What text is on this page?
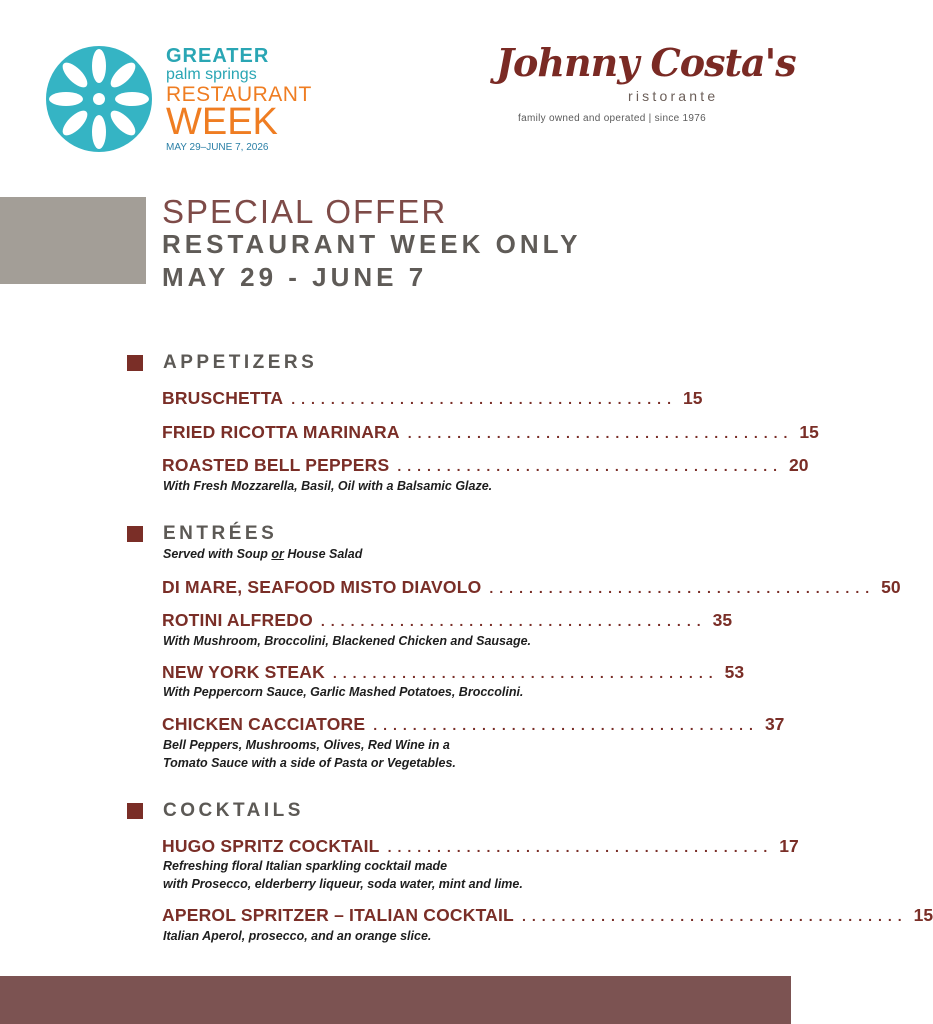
GREATER
palm springs
RESTAURANT
WEEK
MAY 29–JUNE 7, 2026
Johnny Costa's
ristorante
family owned and operated | since 1976
SPECIAL OFFER
RESTAURANT WEEK ONLY
MAY 29 - JUNE 7
APPETIZERS
BRUSCHETTA ....................................... 15
FRIED RICOTTA MARINARA ....................................... 15
ROASTED BELL PEPPERS ....................................... 20
With Fresh Mozzarella, Basil, Oil with a Balsamic Glaze.
ENTRÉES
Served with Soup or House Salad
DI MARE, SEAFOOD MISTO DIAVOLO ....................................... 50
ROTINI ALFREDO ....................................... 35
With Mushroom, Broccolini, Blackened Chicken and Sausage.
NEW YORK STEAK ....................................... 53
With Peppercorn Sauce, Garlic Mashed Potatoes, Broccolini.
CHICKEN CACCIATORE ....................................... 37
Bell Peppers, Mushrooms, Olives, Red Wine in a
Tomato Sauce with a side of Pasta or Vegetables.
COCKTAILS
HUGO SPRITZ COCKTAIL ....................................... 17
Refreshing floral Italian sparkling cocktail made
with Prosecco, elderberry liqueur, soda water, mint and lime.
APEROL SPRITZER – ITALIAN COCKTAIL ....................................... 15
Italian Aperol, prosecco, and an orange slice.
